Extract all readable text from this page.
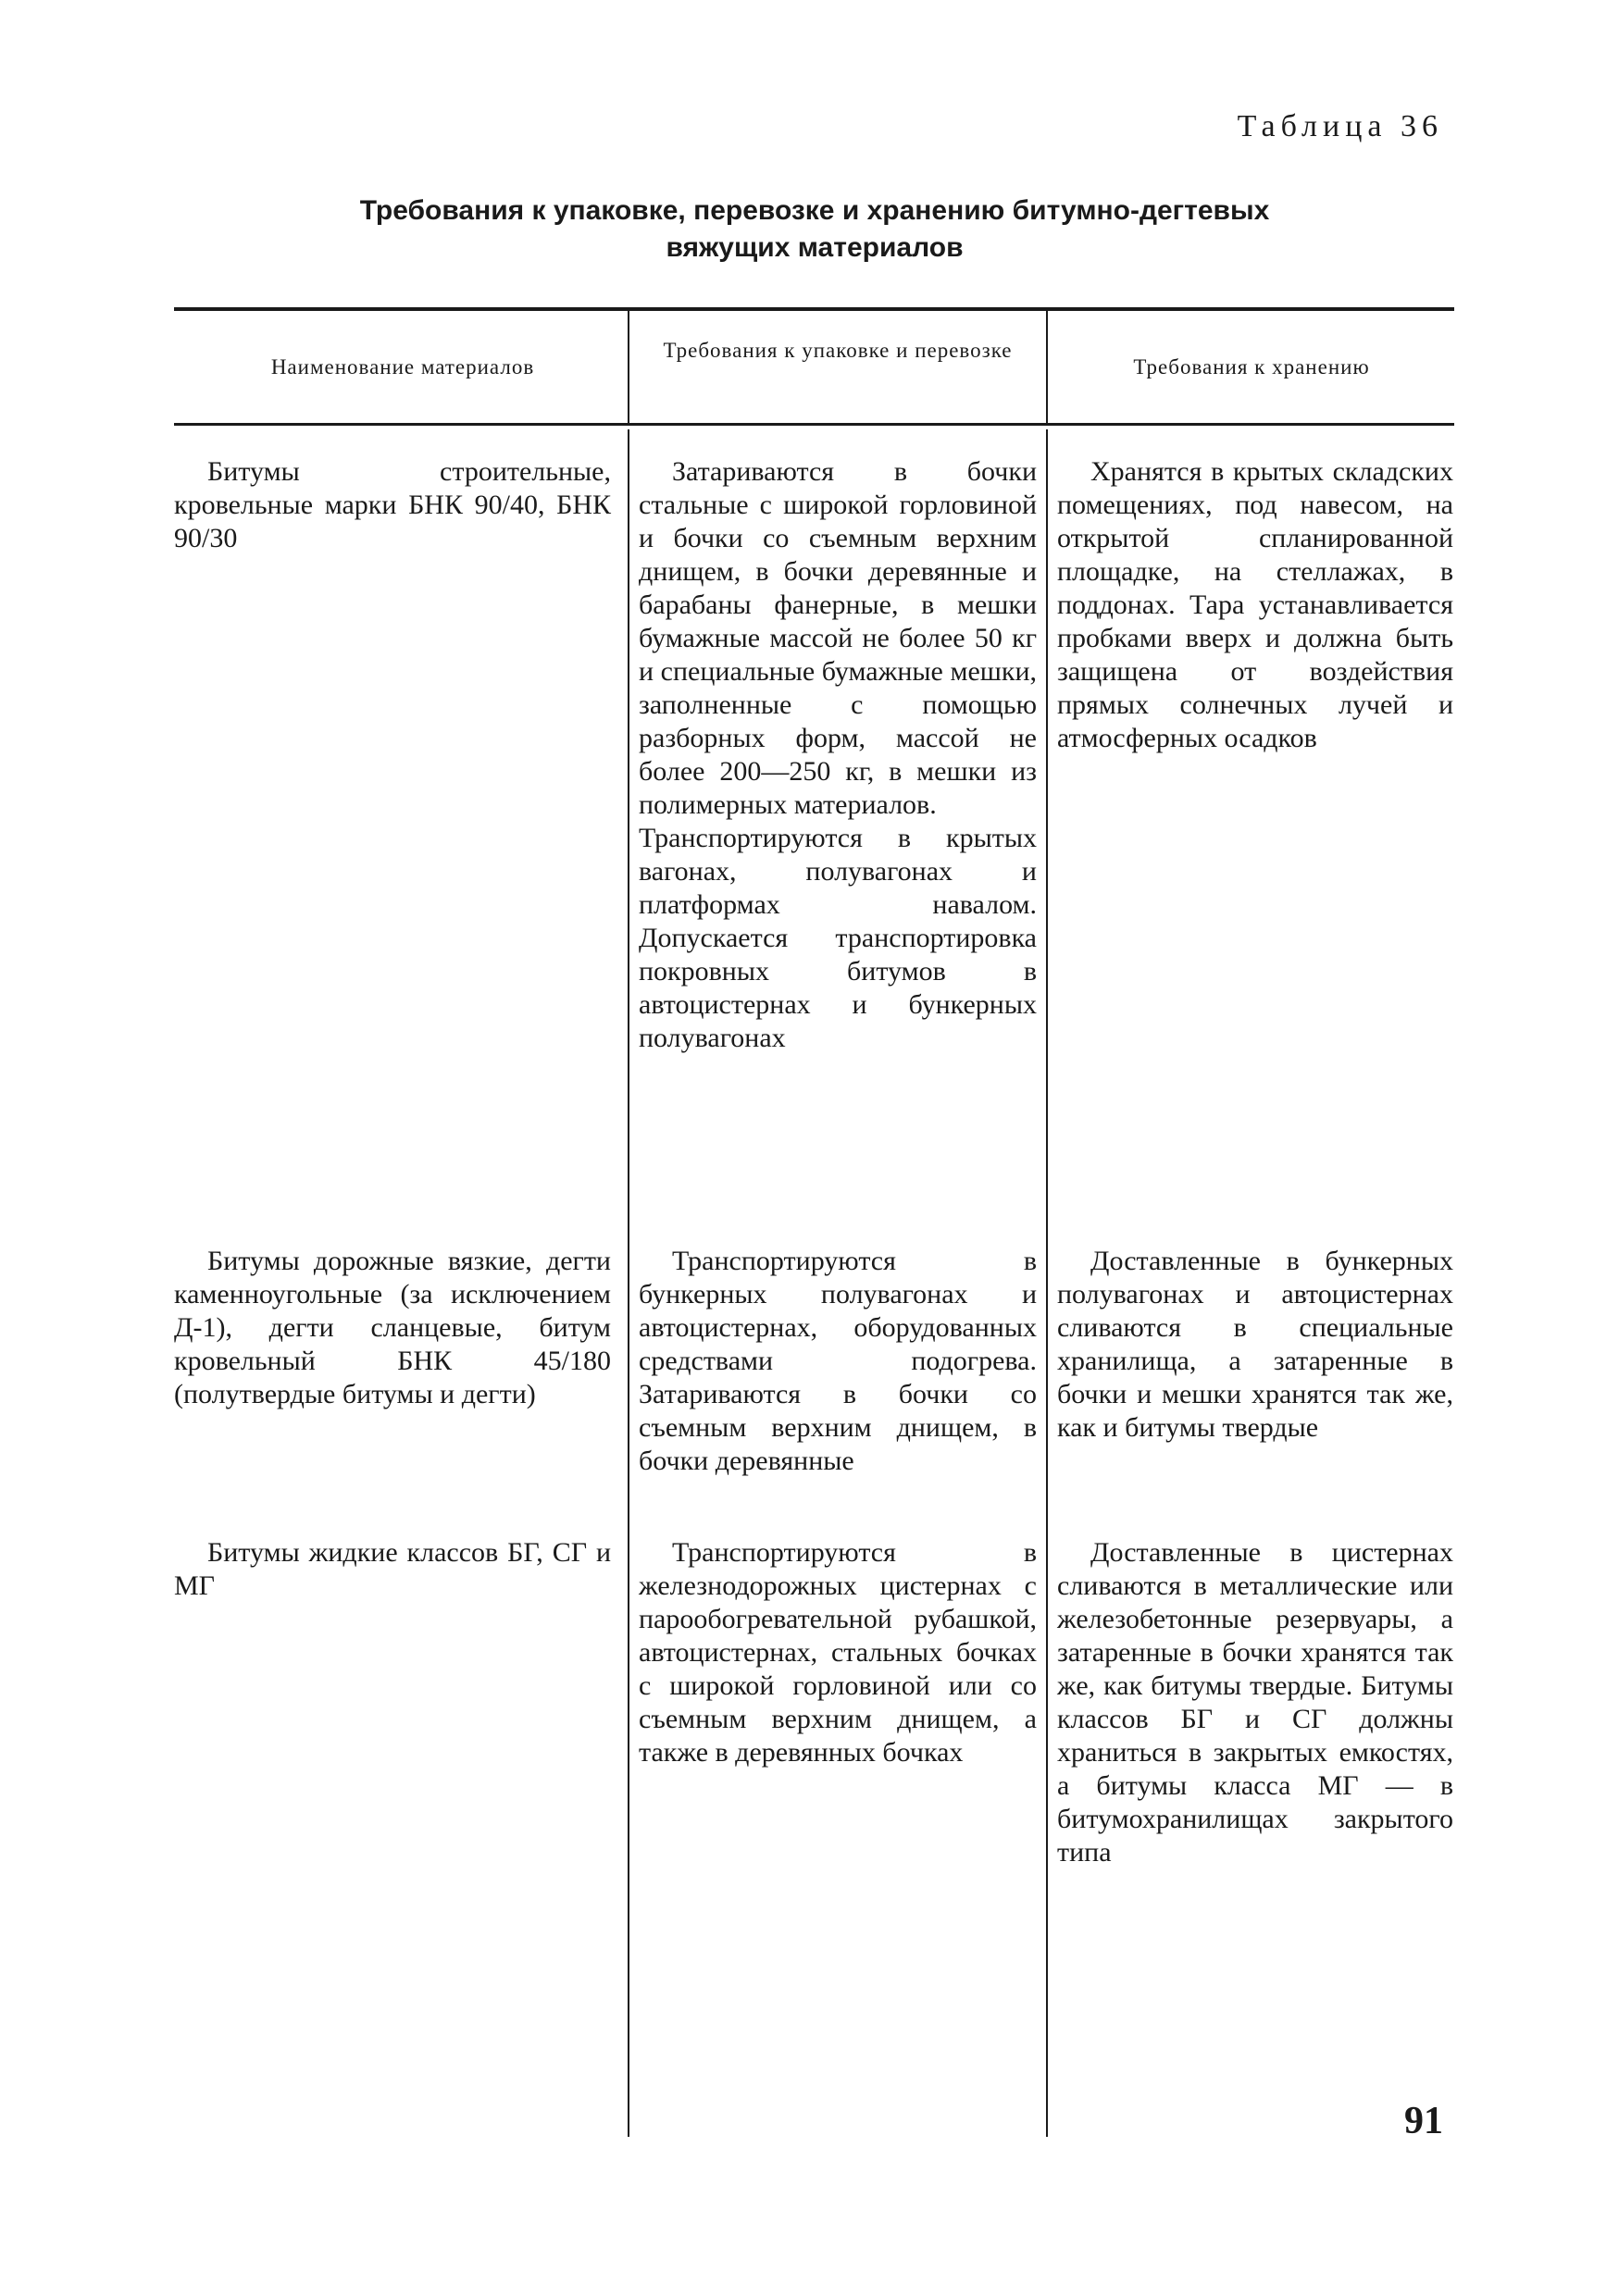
Таблица 36
Требования к упаковке, перевозке и хранению битумно-дегтевых
вяжущих материалов
Наименование материалов
Требования к упаковке и перевозке
Требования к хранению
Битумы строительные, кровельные марки БНК 90/40, БНК 90/30

Затариваются в бочки стальные с широкой горловиной и бочки со съемным верхним днищем, в бочки деревянные и барабаны фанерные, в мешки бумажные массой не более 50 кг и специальные бумажные мешки, заполненные с помощью разборных форм, массой не более 200—250 кг, в мешки из полимерных материалов.

Транспортируются в крытых вагонах, полувагонах и платформах навалом. Допускается транспортировка покровных битумов в автоцистернах и бункерных полувагонах

Хранятся в крытых складских помещениях, под навесом, на открытой спланированной площадке, на стеллажах, в поддонах. Тара устанавливается пробками вверх и должна быть защищена от воздействия прямых солнечных лучей и атмосферных осадков
Битумы дорожные вязкие, дегти каменноугольные (за исключением Д-1), дегти сланцевые, битум кровельный БНК 45/180 (полутвердые битумы и дегти)

Транспортируются в бункерных полувагонах и автоцистернах, оборудованных средствами подогрева. Затариваются в бочки со съемным верхним днищем, в бочки деревянные

Доставленные в бункерных полувагонах и автоцистернах сливаются в специальные хранилища, а затаренные в бочки и мешки хранятся так же, как и битумы твердые
Битумы жидкие классов БГ, СГ и МГ

Транспортируются в железнодорожных цистернах с парообогревательной рубашкой, автоцистернах, стальных бочках с широкой горловиной или со съемным верхним днищем, а также в деревянных бочках

Доставленные в цистернах сливаются в металлические или железобетонные резервуары, а затаренные в бочки хранятся так же, как битумы твердые. Битумы классов БГ и СГ должны храниться в закрытых емкостях, а битумы класса МГ — в битумохранилищах закрытого типа
91
